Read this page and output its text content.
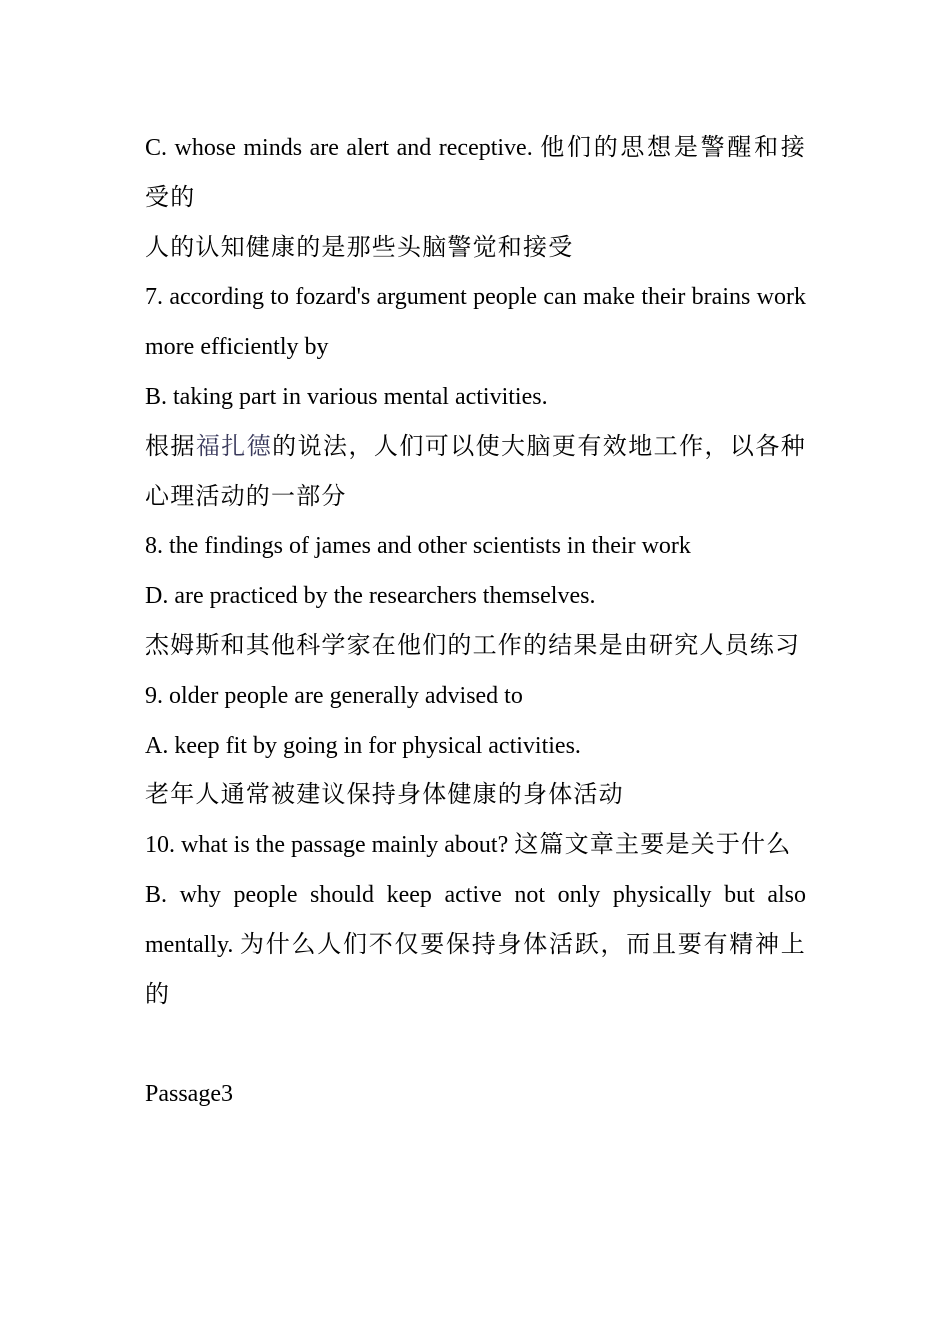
C. whose minds are alert and receptive. 他们的思想是警醒和接受的

人的认知健康的是那些头脑警觉和接受

7. according to fozard's argument people can make their brains work more efficiently by

B. taking part in various mental activities.

根据福扎德的说法，人们可以使大脑更有效地工作，以各种心理活动的一部分

8. the findings of james and other scientists in their work

D. are practiced by the researchers themselves.

杰姆斯和其他科学家在他们的工作的结果是由研究人员练习

9. older people are generally advised to

A. keep fit by going in for physical activities.

老年人通常被建议保持身体健康的身体活动

10. what is the passage mainly about? 这篇文章主要是关于什么

B. why people should keep active not only physically but also mentally. 为什么人们不仅要保持身体活跃，而且要有精神上的

Passage3
